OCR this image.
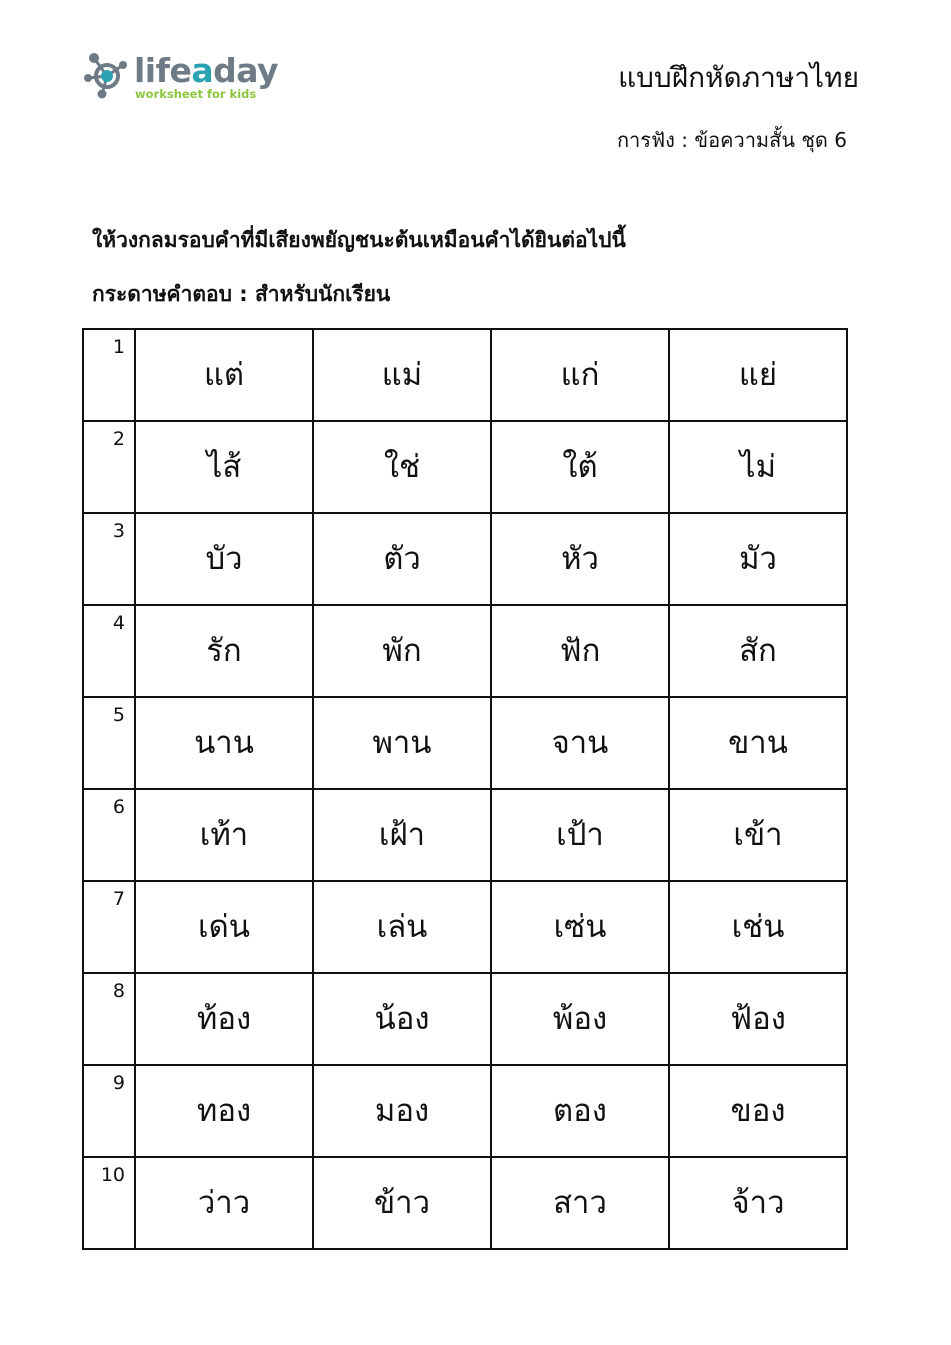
lifeaday
worksheet for kids	แบบฝึกหัดภาษาไทย
การฟัง : ข้อความสั้น ชุด 6
ให้วงกลมรอบคำที่มีเสียงพยัญชนะต้นเหมือนคำได้ยินต่อไปนี้
กระดาษคำตอบ : สำหรับนักเรียน
1	แต่	แม่	แก่	แย่
2	ไส้	ใช่	ใต้	ไม่
3	บัว	ตัว	หัว	มัว
4	รัก	พัก	ฟัก	สัก
5	นาน	พาน	จาน	ขาน
6	เท้า	เฝ้า	เป้า	เข้า
7	เด่น	เล่น	เซ่น	เช่น
8	ท้อง	น้อง	พ้อง	ฟ้อง
9	ทอง	มอง	ตอง	ของ
10	ว่าว	ข้าว	สาว	จ้าว
